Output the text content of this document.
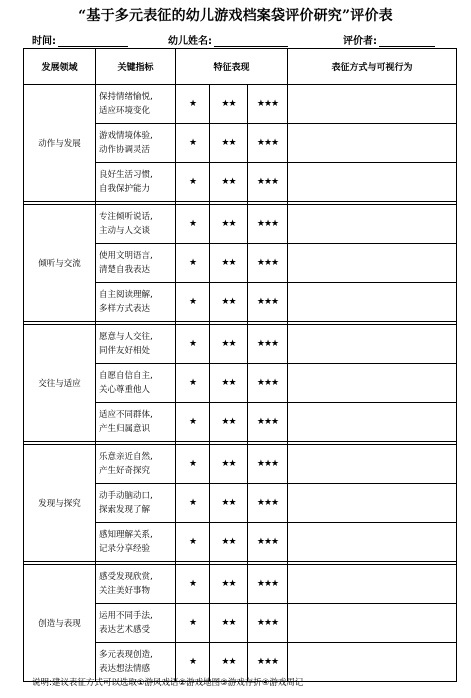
“基于多元表征的幼儿游戏档案袋评价研究”评价表
时间:	幼儿姓名:	评价者:
发展领域	关键指标	特征表现			表征方式与可视行为
动作与发展	保持情绪愉悦,
适应环境变化	★	★★	★★★	

	游戏情境体验,
动作协调灵活	★	★★	★★★	

	良好生活习惯,
自我保护能力	★	★★	★★★	

倾听与交流	专注倾听说话,
主动与人交谈	★	★★	★★★	

	使用文明语言,
清楚自我表达	★	★★	★★★	

	自主阅读理解,
多样方式表达	★	★★	★★★	

交往与适应	愿意与人交往,
同伴友好相处	★	★★	★★★	

	自愿自信自主,
关心尊重他人	★	★★	★★★	

	适应不同群体,
产生归属意识	★	★★	★★★	

发现与探究	乐意亲近自然,
产生好奇探究	★	★★	★★★	

	动手动脑动口,
探索发现了解	★	★★	★★★	

	感知理解关系,
记录分享经验	★	★★	★★★	

创造与表现	感受发现欣赏,
关注美好事物	★	★★	★★★	

	运用不同手法,
表达艺术感受	★	★★	★★★	

	多元表现创造,
表达想法情感	★	★★	★★★	
说明:建议表征方式可以选取①游风戏语②游戏地图③游戏存折④游戏周记
